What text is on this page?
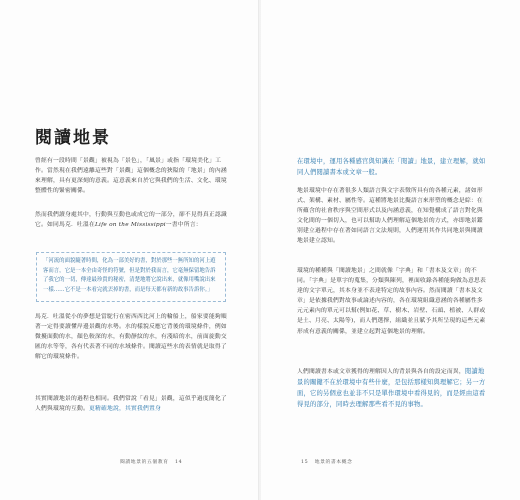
閱讀地景

曾經有一段時間「景觀」被視為「景色」，「風景」或指「環境美化」工作。當然現在我們遠離這些對「景觀」這個概念的狹隘的「地景」的內涵來理解，具有更深刻的意義。這意義來自於它與我們的生活、文化、環境整體性的緊密關係。

然而我們讀身處其中，行動與互動也或成它的一部分，卻不見得真正認識它。如同馬克．吐溫在Life on the Mississippi一書中所言：

「河流的面貌隨著時間，化為一部美好的書，對於那些一無所知的河上遊客而言，它是一本全由奇怪的符號，但是對於我而言，它毫無保留地告訴了我它的一切，傳達最珍貴的秘密，清楚地將它說出來，就像用嘴說出來一樣……它不是一本看完就丟掉的書，而是每天都有新的故事告訴你。」

馬克．吐溫從小的夢想是當駝行在密西西比河上的輪船上，船家要能夠順著一定得要讀懂岸邊景觀的水勢。水的樣貌反應它背後的環境條件，例如微擾面動的水，顏色較深的水，有動靜紋的水，有淺暗的水，前面旋動交匯的水等等，各有代表著不同的水域條件。閱讀這些水的表情就是取得了解它的環境條件。

其實閱讀地景的過程也相同。我們常說「看見」景觀，這似乎過度簡化了人們與環境的互動。更精確地說，其實我們置身

閱讀地景的五個教育 14

在環境中，運用各種感官與知識在「閱讀」地景，建立理解，就如同人們閱讀書本或文章一般。

地景環境中存在著很多人類語言與文字表徵所具有的各種元素，諸如形式、架構、素材、屬性等。這種將地景比擬語言來形塑的概念是綜：在所蘊含的社會秩序與空間形式以及內涵意義，在知覺構成了語言對化與文化間的一個切入，也可以幫助人們理解這個地景的方式，亦即地景鑑別建立過程中存在著如同語言文法規則，人們運用其作共同地景與閱讀地景建立認知。

環境的種種與「閱讀地景」之間就像「字典」和「書本及文章」的不同。「字典」是單字的蒐集，分類與陳列，裡面收錄各種能夠做為意思表達的文字單元，其本身並不表達特定的故事內容。然而閱讀「書本及文章」是依據我們對故事或論述內容的，各在環境組織意涵的各種屬性多元元素內的單元可以幫(例如花、草、樹木、岩壁、石頭、植被、人群或是土、月亮、太陽等)，而人們選擇，組織並且賦予其所呈現的這些元素形成有意義的關係，並建立起對這個地景的理解。

人們閱讀書本或文章獲得的理解因人的背景與各自的設定而異，閱讀地景的關鍵不在於環境中有些什麼，是包括那樣知與理解它；另一方面，它的另個意也並非不只是單作環境中看得見的，而是經由這看得見的部分，同時去理解那些看不見的事物。

15 地景的書本概念
